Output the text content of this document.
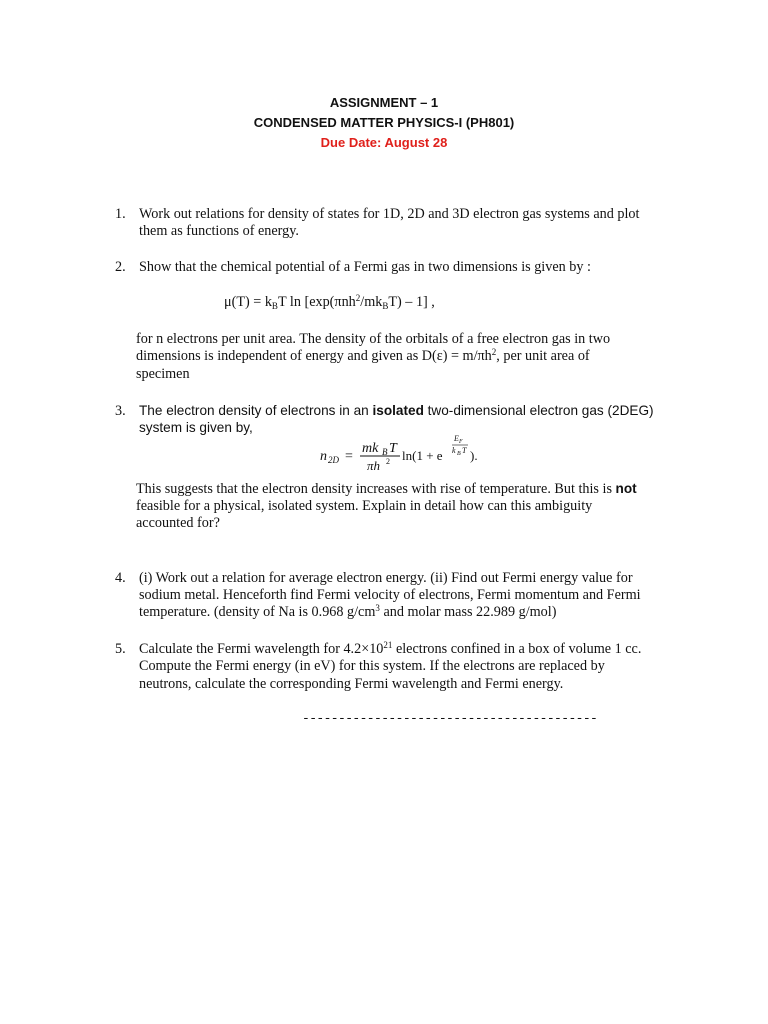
ASSIGNMENT – 1
CONDENSED MATTER PHYSICS-I (PH801)
Due Date: August 28
1. Work out relations for density of states for 1D, 2D and 3D electron gas systems and plot
them as functions of energy.
2. Show that the chemical potential of a Fermi gas in two dimensions is given by :
$\mu(T) = k_BT$ $\ln [\exp(\pi nh^2/mk_BT) - 1]$ ,
for n electrons per unit area. The density of the orbitals of a free electron gas in two
dimensions is independent of energy and given as $D(\varepsilon) = m/\pi h^2$, per unit area of
specimen
3. The electron density of electrons in an isolated two-dimensional electron gas (2DEG)
system is given by,
n 2D =
mk B T
πh 2 ln(1 + e
E F
k B T ).
This suggests that the electron density increases with rise of temperature. But this is not
feasible for a physical, isolated system. Explain in detail how can this ambiguity
accounted for?
4. (i) Work out a relation for average electron energy. (ii) Find out Fermi energy value for
sodium metal. Henceforth find Fermi velocity of electrons, Fermi momentum and Fermi
temperature. (density of Na is 0.968 $g/cm^3$ and molar mass 22.989 g/mol)
5. Calculate the Fermi wavelength for $4.2\times 10^{21}$ electrons confined in a box of volume 1 cc.
Compute the Fermi energy (in eV) for this system. If the electrons are replaced by
neutrons, calculate the corresponding Fermi wavelength and Fermi energy.
-----------------------------------------
